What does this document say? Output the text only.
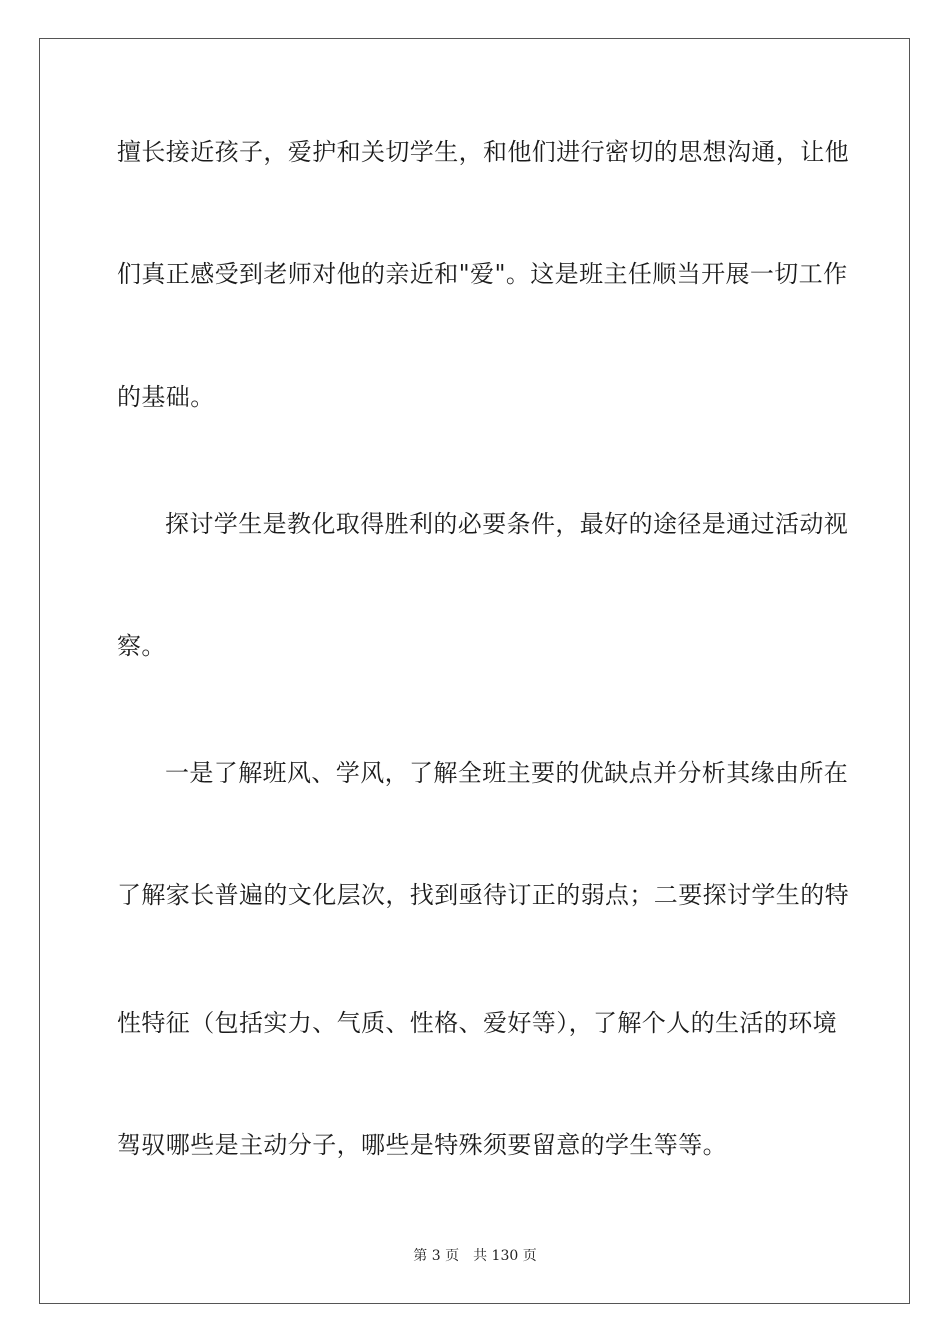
擅长接近孩子，爱护和关切学生，和他们进行密切的思想沟通，让他
们真正感受到老师对他的亲近和"爱"。这是班主任顺当开展一切工作
的基础。
探讨学生是教化取得胜利的必要条件，最好的途径是通过活动视
察。
一是了解班风、学风，了解全班主要的优缺点并分析其缘由所在
了解家长普遍的文化层次，找到亟待订正的弱点；二要探讨学生的特
性特征（包括实力、气质、性格、爱好等），了解个人的生活的环境
驾驭哪些是主动分子，哪些是特殊须要留意的学生等等。
第 3 页 共 130 页
